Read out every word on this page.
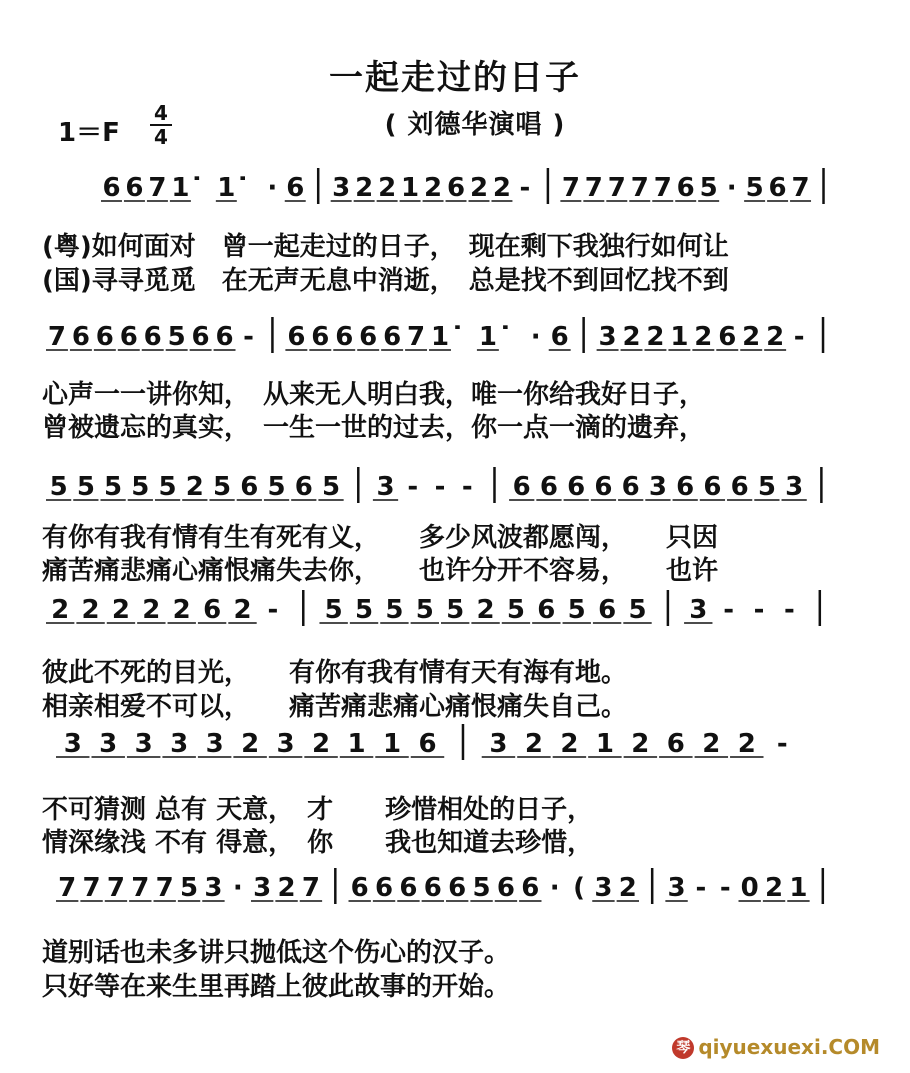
一起走过的日子
1＝F
4
4	( 刘德华演唱 )
6 6 7 1 1 · 6 3 2 2 1 2 6 2 2 - 7 7 7 7 7 6 5 · 5 6 7
7 6 6 6 6 5 6 6 - 6 6 6 6 6 7 1 1 · 6 3 2 2 1 2 6 2 2 -
5 5 5 5 5 2 5 6 5 6 5 3 - - - 6 6 6 6 6 3 6 6 6 5 3
2 2 2 2 2 6 2 - 5 5 5 5 5 2 5 6 5 6 5 3 - - -
3 3 3 3 3 2 3 2 1 1 6 3 2 2 1 2 6 2 2 -
7 7 7 7 7 5 3 · 3 2 7 6 6 6 6 6 5 6 6 · ( 3 2 3 - - 0 2 1
(粤)如何面对　曾一起走过的日子，　现在剩下我独行如何让
(国)寻寻觅觅　在无声无息中消逝，　总是找不到回忆找不到
心声一一讲你知，　从来无人明白我，唯一你给我好日子，
曾被遗忘的真实，　一生一世的过去，你一点一滴的遗弃，
有你有我有情有生有死有义，　　多少风波都愿闯，　　只因
痛苦痛悲痛心痛恨痛失去你，　　也许分开不容易，　　也许
彼此不死的目光，　　有你有我有情有天有海有地。
相亲相爱不可以，　　痛苦痛悲痛心痛恨痛失自己。
不可猜测 总有 天意，　才　　珍惜相处的日子，
情深缘浅 不有 得意，　你　　我也知道去珍惜，
道别话也未多讲只抛低这个伤心的汉子。
只好等在来生里再踏上彼此故事的开始。
琴 qiyuexuexi.COM
